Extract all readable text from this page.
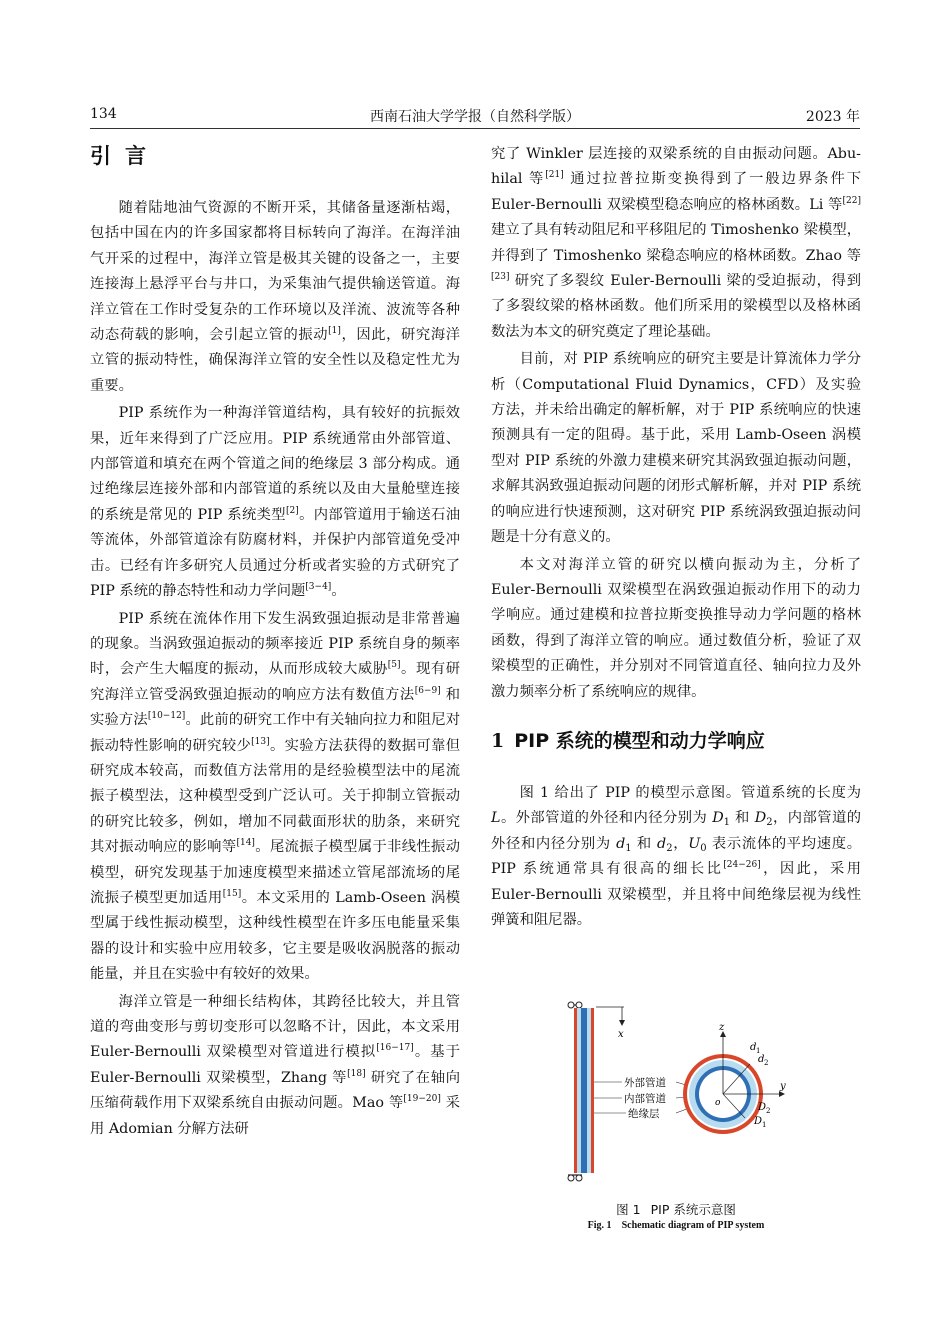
134	西南石油大学学报（自然科学版）	2023 年
引言

随着陆地油气资源的不断开采，其储备量逐渐枯竭，包括中国在内的许多国家都将目标转向了海洋。在海洋油气开采的过程中，海洋立管是极其关键的设备之一，主要连接海上悬浮平台与井口，为采集油气提供输送管道。海洋立管在工作时受复杂的工作环境以及洋流、波流等各种动态荷载的影响，会引起立管的振动[1]，因此，研究海洋立管的振动特性，确保海洋立管的安全性以及稳定性尤为重要。

PIP 系统作为一种海洋管道结构，具有较好的抗振效果，近年来得到了广泛应用。PIP 系统通常由外部管道、内部管道和填充在两个管道之间的绝缘层 3 部分构成。通过绝缘层连接外部和内部管道的系统以及由大量舱壁连接的系统是常见的 PIP 系统类型[2]。内部管道用于输送石油等流体，外部管道涂有防腐材料，并保护内部管道免受冲击。已经有许多研究人员通过分析或者实验的方式研究了 PIP 系统的静态特性和动力学问题[3−4]。

PIP 系统在流体作用下发生涡致强迫振动是非常普遍的现象。当涡致强迫振动的频率接近 PIP 系统自身的频率时，会产生大幅度的振动，从而形成较大威胁[5]。现有研究海洋立管受涡致强迫振动的响应方法有数值方法[6−9] 和实验方法[10−12]。此前的研究工作中有关轴向拉力和阻尼对振动特性影响的研究较少[13]。实验方法获得的数据可靠但研究成本较高，而数值方法常用的是经验模型法中的尾流振子模型法，这种模型受到广泛认可。关于抑制立管振动的研究比较多，例如，增加不同截面形状的肋条，来研究其对振动响应的影响等[14]。尾流振子模型属于非线性振动模型，研究发现基于加速度模型来描述立管尾部流场的尾流振子模型更加适用[15]。本文采用的 Lamb-Oseen 涡模型属于线性振动模型，这种线性模型在许多压电能量采集器的设计和实验中应用较多，它主要是吸收涡脱落的振动能量，并且在实验中有较好的效果。

海洋立管是一种细长结构体，其跨径比较大，并且管道的弯曲变形与剪切变形可以忽略不计，因此，本文采用 Euler-Bernoulli 双梁模型对管道进行模拟[16−17]。基于 Euler-Bernoulli 双梁模型，Zhang 等[18] 研究了在轴向压缩荷载作用下双梁系统自由振动问题。Mao 等[19−20] 采用 Adomian 分解方法研

究了 Winkler 层连接的双梁系统的自由振动问题。Abu-hilal 等[21] 通过拉普拉斯变换得到了一般边界条件下 Euler-Bernoulli 双梁模型稳态响应的格林函数。Li 等[22] 建立了具有转动阻尼和平移阻尼的 Timoshenko 梁模型，并得到了 Timoshenko 梁稳态响应的格林函数。Zhao 等[23] 研究了多裂纹 Euler-Bernoulli 梁的受迫振动，得到了多裂纹梁的格林函数。他们所采用的梁模型以及格林函数法为本文的研究奠定了理论基础。

目前，对 PIP 系统响应的研究主要是计算流体力学分析（Computational Fluid Dynamics，CFD）及实验方法，并未给出确定的解析解，对于 PIP 系统响应的快速预测具有一定的阻碍。基于此，采用 Lamb-Oseen 涡模型对 PIP 系统的外激力建模来研究其涡致强迫振动问题，求解其涡致强迫振动问题的闭形式解析解，并对 PIP 系统的响应进行快速预测，这对研究 PIP 系统涡致强迫振动问题是十分有意义的。

本文对海洋立管的研究以横向振动为主，分析了 Euler-Bernoulli 双梁模型在涡致强迫振动作用下的动力学响应。通过建模和拉普拉斯变换推导动力学问题的格林函数，得到了海洋立管的响应。通过数值分析，验证了双梁模型的正确性，并分别对不同管道直径、轴向拉力及外激力频率分析了系统响应的规律。

1 PIP 系统的模型和动力学响应

图 1 给出了 PIP 的模型示意图。管道系统的长度为 L。外部管道的外径和内径分别为 $D_1$ 和 $D_2$，内部管道的外径和内径分别为 $d_1$ 和 $d_2$，$U_0$ 表示流体的平均速度。PIP 系统通常具有很高的细长比[24−26]，因此，采用 Euler-Bernoulli 双梁模型，并且将中间绝缘层视为线性弹簧和阻尼器。

x
外部管道
内部管道
绝缘层
z
y
o
d 1
d 2
D 2
D 1
图 1 PIP 系统示意图
Fig. 1 Schematic diagram of PIP system
